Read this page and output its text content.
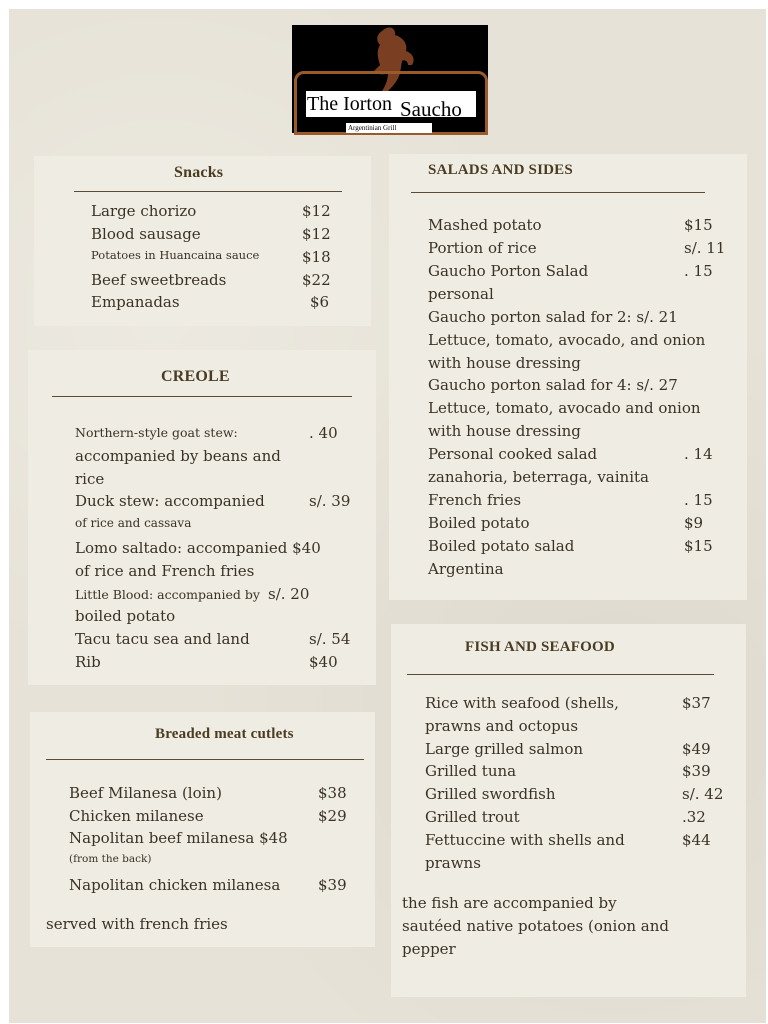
The Iorton Saucho
Argentinian Grill
Snacks
Large chorizo	$12
Blood sausage	$12
Potatoes in Huancaina sauce	$18
Beef sweetbreads	$22
Empanadas	$6
CREOLE
Northern-style goat stew:	. 40
accompanied by beans and
rice
Duck stew: accompanied	s/. 39
of rice and cassava
Lomo saltado: accompanied $40
of rice and French fries
Little Blood: accompanied by s/. 20
boiled potato
Tacu tacu sea and land	s/. 54
Rib	$40
Breaded meat cutlets
Beef Milanesa (loin)	$38
Chicken milanese	$29
Napolitan beef milanesa $48
(from the back)
Napolitan chicken milanesa	$39
served with french fries
SALADS AND SIDES
Mashed potato	$15
Portion of rice	s/. 11
Gaucho Porton Salad	. 15
personal
Gaucho porton salad for 2: s/. 21
Lettuce, tomato, avocado, and onion
with house dressing
Gaucho porton salad for 4: s/. 27
Lettuce, tomato, avocado and onion
with house dressing
Personal cooked salad	. 14
zanahoria, beterraga, vainita
French fries	. 15
Boiled potato	$9
Boiled potato salad	$15
Argentina
FISH AND SEAFOOD
Rice with seafood (shells,	$37
prawns and octopus
Large grilled salmon	$49
Grilled tuna	$39
Grilled swordfish	s/. 42
Grilled trout	.32
Fettuccine with shells and	$44
prawns
the fish are accompanied by
sautéed native potatoes (onion and
pepper
